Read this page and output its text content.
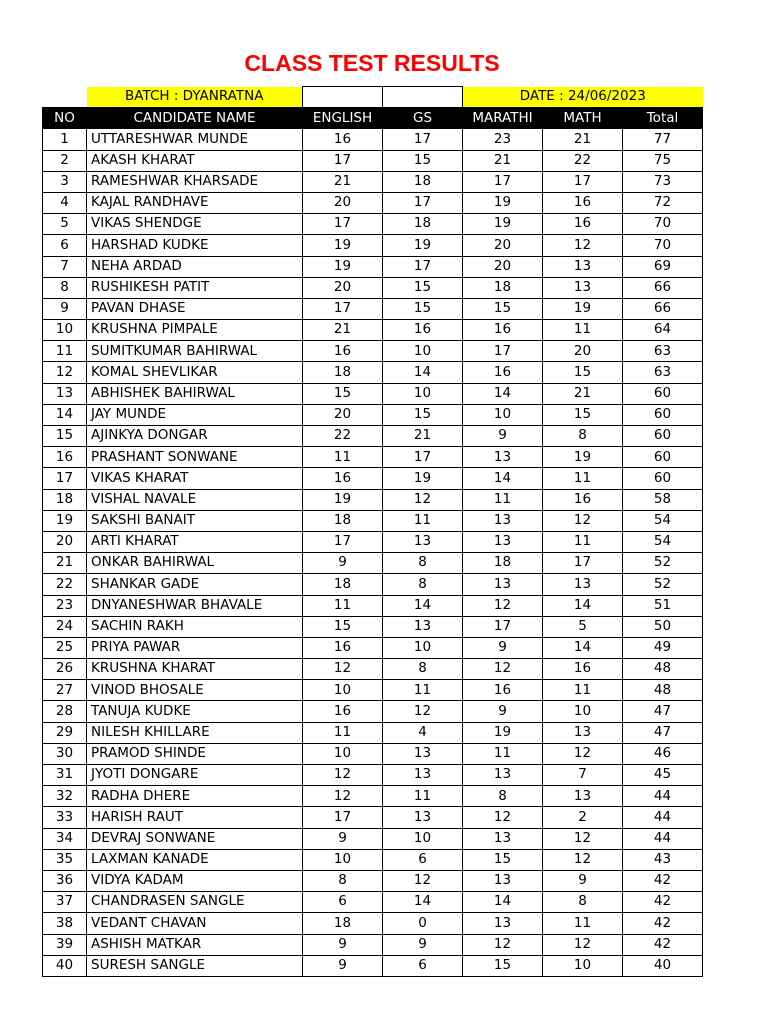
CLASS TEST RESULTS
	BATCH : DYANRATNA			DATE : 24/06/2023		
NO	CANDIDATE NAME	ENGLISH	GS	MARATHI	MATH	Total
1	UTTARESHWAR MUNDE	16	17	23	21	77
2	AKASH KHARAT	17	15	21	22	75
3	RAMESHWAR KHARSADE	21	18	17	17	73
4	KAJAL RANDHAVE	20	17	19	16	72
5	VIKAS SHENDGE	17	18	19	16	70
6	HARSHAD KUDKE	19	19	20	12	70
7	NEHA ARDAD	19	17	20	13	69
8	RUSHIKESH PATIT	20	15	18	13	66
9	PAVAN DHASE	17	15	15	19	66
10	KRUSHNA PIMPALE	21	16	16	11	64
11	SUMITKUMAR BAHIRWAL	16	10	17	20	63
12	KOMAL SHEVLIKAR	18	14	16	15	63
13	ABHISHEK BAHIRWAL	15	10	14	21	60
14	JAY MUNDE	20	15	10	15	60
15	AJINKYA DONGAR	22	21	9	8	60
16	PRASHANT SONWANE	11	17	13	19	60
17	VIKAS KHARAT	16	19	14	11	60
18	VISHAL NAVALE	19	12	11	16	58
19	SAKSHI BANAIT	18	11	13	12	54
20	ARTI KHARAT	17	13	13	11	54
21	ONKAR BAHIRWAL	9	8	18	17	52
22	SHANKAR GADE	18	8	13	13	52
23	DNYANESHWAR BHAVALE	11	14	12	14	51
24	SACHIN RAKH	15	13	17	5	50
25	PRIYA PAWAR	16	10	9	14	49
26	KRUSHNA KHARAT	12	8	12	16	48
27	VINOD BHOSALE	10	11	16	11	48
28	TANUJA KUDKE	16	12	9	10	47
29	NILESH KHILLARE	11	4	19	13	47
30	PRAMOD SHINDE	10	13	11	12	46
31	JYOTI DONGARE	12	13	13	7	45
32	RADHA DHERE	12	11	8	13	44
33	HARISH RAUT	17	13	12	2	44
34	DEVRAJ SONWANE	9	10	13	12	44
35	LAXMAN KANADE	10	6	15	12	43
36	VIDYA KADAM	8	12	13	9	42
37	CHANDRASEN SANGLE	6	14	14	8	42
38	VEDANT CHAVAN	18	0	13	11	42
39	ASHISH MATKAR	9	9	12	12	42
40	SURESH SANGLE	9	6	15	10	40
